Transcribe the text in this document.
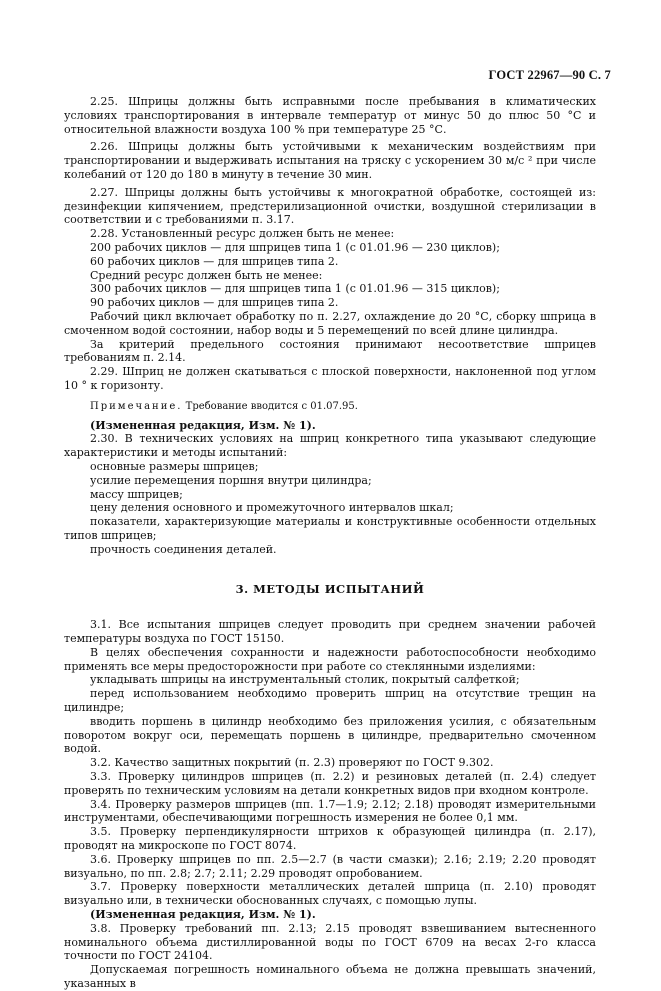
ГОСТ 22967—90 С. 7

2.25. Шприцы должны быть исправными после пребывания в климатических условиях транспортирования в интервале температур от минус 50 до плюс 50 °С и относительной влажности воздуха 100 % при температуре 25 °С.

2.26. Шприцы должны быть устойчивыми к механическим воздействиям при транспортировании и выдерживать испытания на тряску с ускорением 30 м/с ² при числе колебаний от 120 до 180 в минуту в течение 30 мин.

2.27. Шприцы должны быть устойчивы к многократной обработке, состоящей из: дезинфекции кипячением, предстерилизационной очистки, воздушной стерилизации в соответствии и с требованиями п. 3.17.

2.28. Установленный ресурс должен быть не менее:

200 рабочих циклов — для шприцев типа 1 (с 01.01.96 — 230 циклов);

60 рабочих циклов — для шприцев типа 2.

Средний ресурс должен быть не менее:

300 рабочих циклов — для шприцев типа 1 (с 01.01.96 — 315 циклов);

90 рабочих циклов — для шприцев типа 2.

Рабочий цикл включает обработку по п. 2.27, охлаждение до 20 °С, сборку шприца в смоченном водой состоянии, набор воды и 5 перемещений по всей длине цилиндра.

За критерий предельного состояния принимают несоответствие шприцев требованиям п. 2.14.

2.29. Шприц не должен скатываться с плоской поверхности, наклоненной под углом 10 ° к горизонту.

Примечание. Требование вводится с 01.07.95.

(Измененная редакция, Изм. № 1).

2.30. В технических условиях на шприц конкретного типа указывают следующие характеристики и методы испытаний:

основные размеры шприцев;

усилие перемещения поршня внутри цилиндра;

массу шприцев;

цену деления основного и промежуточного интервалов шкал;

показатели, характеризующие материалы и конструктивные особенности отдельных типов шприцев;

прочность соединения деталей.

3. МЕТОДЫ ИСПЫТАНИЙ

3.1. Все испытания шприцев следует проводить при среднем значении рабочей температуры воздуха по ГОСТ 15150.

В целях обеспечения сохранности и надежности работоспособности необходимо применять все меры предосторожности при работе со стеклянными изделиями:

укладывать шприцы на инструментальный столик, покрытый салфеткой;

перед использованием необходимо проверить шприц на отсутствие трещин на цилиндре;

вводить поршень в цилиндр необходимо без приложения усилия, с обязательным поворотом вокруг оси, перемещать поршень в цилиндре, предварительно смоченном водой.

3.2. Качество защитных покрытий (п. 2.3) проверяют по ГОСТ 9.302.

3.3. Проверку цилиндров шприцев (п. 2.2) и резиновых деталей (п. 2.4) следует проверять по техническим условиям на детали конкретных видов при входном контроле.

3.4. Проверку размеров шприцев (пп. 1.7—1.9; 2.12; 2.18) проводят измерительными инструментами, обеспечивающими погрешность измерения не более 0,1 мм.

3.5. Проверку перпендикулярности штрихов к образующей цилиндра (п. 2.17), проводят на микроскопе по ГОСТ 8074.

3.6. Проверку шприцев по пп. 2.5—2.7 (в части смазки); 2.16; 2.19; 2.20 проводят визуально, по пп. 2.8; 2.7; 2.11; 2.29 проводят опробованием.

3.7. Проверку поверхности металлических деталей шприца (п. 2.10) проводят визуально или, в технически обоснованных случаях, с помощью лупы.

(Измененная редакция, Изм. № 1).

3.8. Проверку требований пп. 2.13; 2.15 проводят взвешиванием вытесненного номинального объема дистиллированной воды по ГОСТ 6709 на весах 2-го класса точности по ГОСТ 24104.

Допускаемая погрешность номинального объема не должна превышать значений, указанных в
